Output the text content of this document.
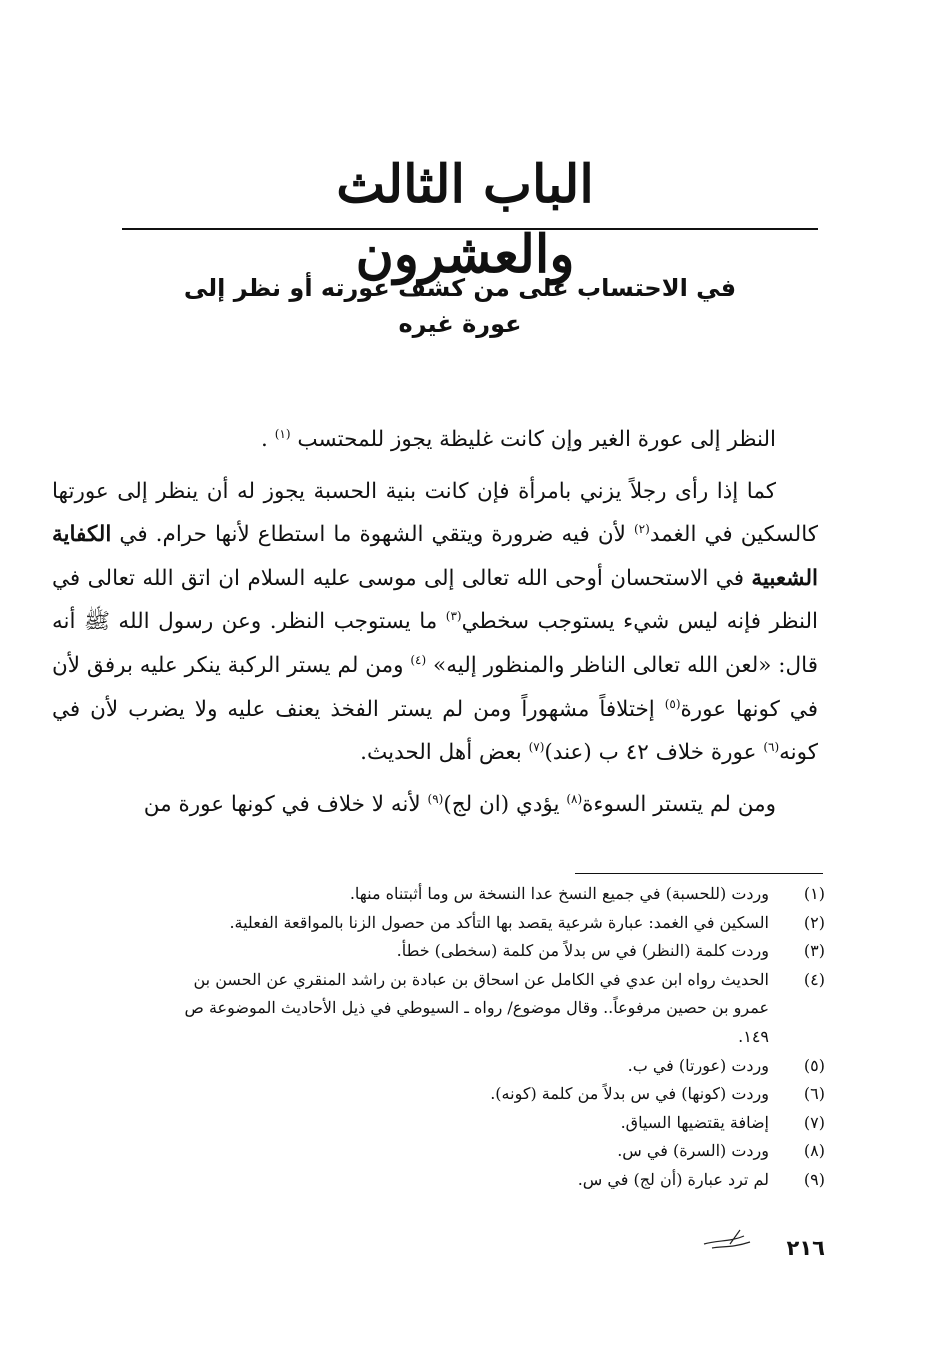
الباب الثالث والعشرون
في الاحتساب على من كشف عورته أو نظر إلى عورة غيره

النظر إلى عورة الغير وإن كانت غليظة يجوز للمحتسب $^{(١)}$ .

كما إذا رأى رجلاً يزني بامرأة فإن كانت بنية الحسبة يجوز له أن ينظر إلى عورتها كالسكين في الغمد$^{(٢)}$ لأن فيه ضرورة ويتقي الشهوة ما استطاع لأنها حرام. في الكفاية الشعبية في الاستحسان أوحى الله تعالى إلى موسى عليه السلام ان اتق الله تعالى في النظر فإنه ليس شيء يستوجب سخطي$^{(٣)}$ ما يستوجب النظر. وعن رسول الله ﷺ أنه قال: «لعن الله تعالى الناظر والمنظور إليه» $^{(٤)}$ ومن لم يستر الركبة ينكر عليه برفق لأن في كونها عورة$^{(٥)}$ إختلافاً مشهوراً ومن لم يستر الفخذ يعنف عليه ولا يضرب لأن في كونه$^{(٦)}$ عورة خلاف ٤٢ ب (عند)$^{(٧)}$ بعض أهل الحديث.

ومن لم يتستر السوءة$^{(٨)}$ يؤدي (ان لج)$^{(٩)}$ لأنه لا خلاف في كونها عورة من

(١)
وردت (للحسبة) في جميع النسخ عدا النسخة س وما أثبتناه منها.
(٢)
السكين في الغمد: عبارة شرعية يقصد بها التأكد من حصول الزنا بالمواقعة الفعلية.
(٣)
وردت كلمة (النظر) في س بدلاً من كلمة (سخطى) خطأ.
(٤)
الحديث رواه ابن عدي في الكامل عن اسحاق بن عبادة بن راشد المنقري عن الحسن بن
عمرو بن حصين مرفوعاً.. وقال موضوع/ رواه ـ السيوطي في ذيل الأحاديث الموضوعة ص
١٤٩.
(٥)
وردت (عورتا) في ب.
(٦)
وردت (كونها) في س بدلاً من كلمة (كونه).
(٧)
إضافة يقتضيها السياق.
(٨)
وردت (السرة) في س.
(٩)
لم ترد عبارة (أن لج) في س.
٢١٦
